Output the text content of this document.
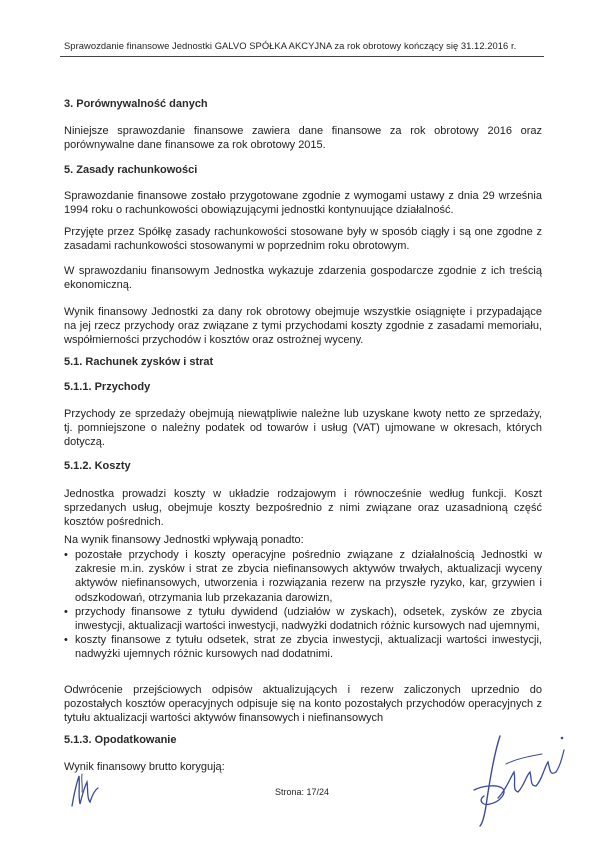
Sprawozdanie finansowe Jednostki GALVO SPÓŁKA AKCYJNA za rok obrotowy kończący się 31.12.2016 r.
3. Porównywalność danych
Niniejsze sprawozdanie finansowe zawiera dane finansowe za rok obrotowy 2016 oraz porównywalne dane finansowe za rok obrotowy 2015.
5. Zasady rachunkowości
Sprawozdanie finansowe zostało przygotowane zgodnie z wymogami ustawy z dnia 29 września 1994 roku o rachunkowości obowiązującymi jednostki kontynuujące działalność.
Przyjęte przez Spółkę zasady rachunkowości stosowane były w sposób ciągły i są one zgodne z zasadami rachunkowości stosowanymi w poprzednim roku obrotowym.
W sprawozdaniu finansowym Jednostka wykazuje zdarzenia gospodarcze zgodnie z ich treścią ekonomiczną.
Wynik finansowy Jednostki za dany rok obrotowy obejmuje wszystkie osiągnięte i przypadające na jej rzecz przychody oraz związane z tymi przychodami koszty zgodnie z zasadami memoriału, współmierności przychodów i kosztów oraz ostrożnej wyceny.
5.1. Rachunek zysków i strat
5.1.1. Przychody
Przychody ze sprzedaży obejmują niewątpliwie należne lub uzyskane kwoty netto ze sprzedaży, tj. pomniejszone o należny podatek od towarów i usług (VAT) ujmowane w okresach, których dotyczą.
5.1.2. Koszty
Jednostka prowadzi koszty w układzie rodzajowym i równocześnie według funkcji. Koszt sprzedanych usług, obejmuje koszty bezpośrednio z nimi związane oraz uzasadnioną część kosztów pośrednich.
Na wynik finansowy Jednostki wpływają ponadto:
• pozostałe przychody i koszty operacyjne pośrednio związane z działalnością Jednostki w zakresie m.in. zysków i strat ze zbycia niefinansowych aktywów trwałych, aktualizacji wyceny aktywów niefinansowych, utworzenia i rozwiązania rezerw na przyszłe ryzyko, kar, grzywien i odszkodowań, otrzymania lub przekazania darowizn,
• przychody finansowe z tytułu dywidend (udziałów w zyskach), odsetek, zysków ze zbycia inwestycji, aktualizacji wartości inwestycji, nadwyżki dodatnich różnic kursowych nad ujemnymi,
• koszty finansowe z tytułu odsetek, strat ze zbycia inwestycji, aktualizacji wartości inwestycji, nadwyżki ujemnych różnic kursowych nad dodatnimi.
Odwrócenie przejściowych odpisów aktualizujących i rezerw zaliczonych uprzednio do pozostałych kosztów operacyjnych odpisuje się na konto pozostałych przychodów operacyjnych z tytułu aktualizacji wartości aktywów finansowych i niefinansowych
5.1.3. Opodatkowanie
Wynik finansowy brutto korygują:
Strona: 17/24
